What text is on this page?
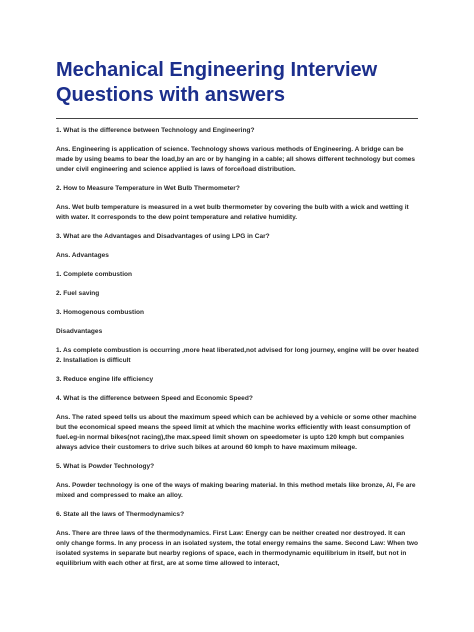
Mechanical Engineering Interview Questions with answers

1. What is the difference between Technology and Engineering?

Ans. Engineering is application of science. Technology shows various methods of Engineering. A bridge can be made by using beams to bear the load,by an arc or by hanging in a cable; all shows different technology but comes under civil engineering and science applied is laws of force/load distribution.

2. How to Measure Temperature in Wet Bulb Thermometer?

Ans. Wet bulb temperature is measured in a wet bulb thermometer by covering the bulb with a wick and wetting it with water. It corresponds to the dew point temperature and relative humidity.

3. What are the Advantages and Disadvantages of using LPG in Car?

Ans. Advantages

1. Complete combustion

2. Fuel saving

3. Homogenous combustion

Disadvantages

1. As complete combustion is occurring ,more heat liberated,not advised for long journey, engine will be over heated 2. Installation is difficult

3. Reduce engine life efficiency

4. What is the difference between Speed and Economic Speed?

Ans. The rated speed tells us about the maximum speed which can be achieved by a vehicle or some other machine but the economical speed means the speed limit at which the machine works efficiently with least consumption of fuel.eg-in normal bikes(not racing),the max.speed limit shown on speedometer is upto 120 kmph but companies always advice their customers to drive such bikes at around 60 kmph to have maximum mileage.

5. What is Powder Technology?

Ans. Powder technology is one of the ways of making bearing material. In this method metals like bronze, Al, Fe are mixed and compressed to make an alloy.

6. State all the laws of Thermodynamics?

Ans. There are three laws of the thermodynamics. First Law: Energy can be neither created nor destroyed. It can only change forms. In any process in an isolated system, the total energy remains the same. Second Law: When two isolated systems in separate but nearby regions of space, each in thermodynamic equilibrium in itself, but not in equilibrium with each other at first, are at some time allowed to interact,
